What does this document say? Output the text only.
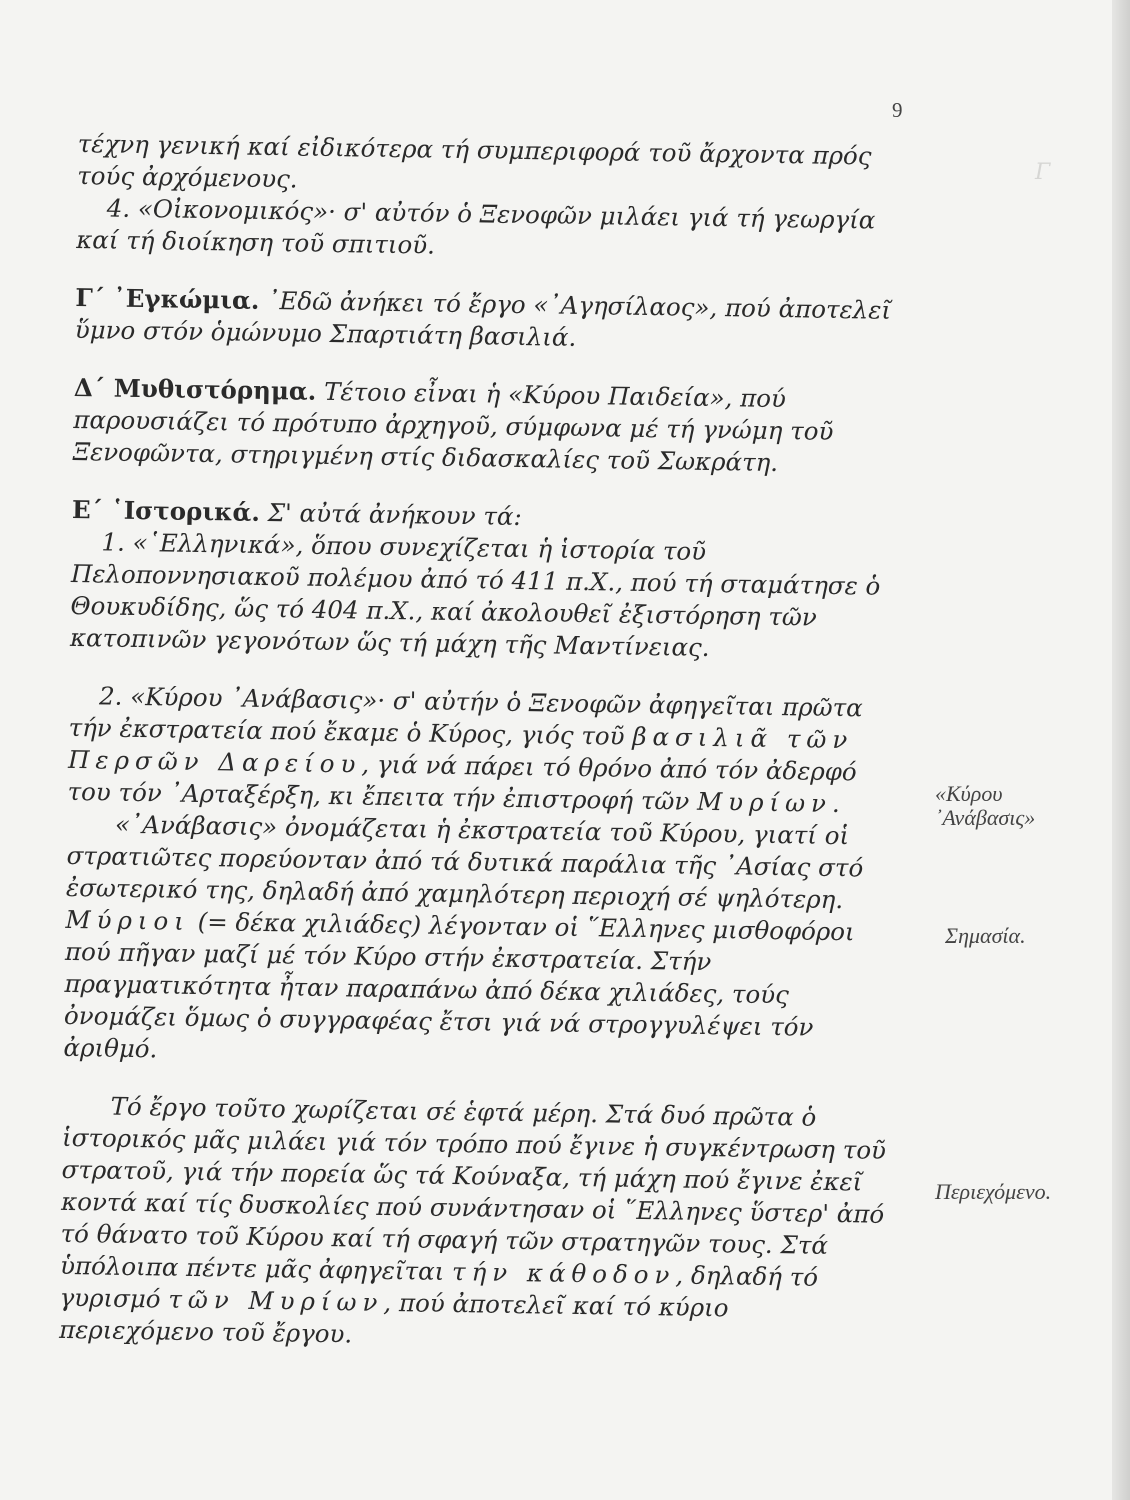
Γ
9

τέχνη γενική καί εἰδικότερα τή συμπεριφορά τοῦ ἄρχοντα πρός τούς ἀρχόμενους.

4. «Οἰκονομικός»· σ' αὐτόν ὁ Ξενοφῶν μιλάει γιά τή γεωργία καί τή διοίκηση τοῦ σπιτιοῦ.

Γ΄ ᾿Εγκώμια. ᾿Εδῶ ἀνήκει τό ἔργο «᾿Αγησίλαος», πού ἀποτελεῖ ὕμνο στόν ὁμώνυμο Σπαρτιάτη βασιλιά.

Δ΄ Μυθιστόρημα. Τέτοιο εἶναι ἡ «Κύρου Παιδεία», πού παρουσιάζει τό πρότυπο ἀρχηγοῦ, σύμφωνα μέ τή γνώμη τοῦ Ξενοφῶντα, στηριγμένη στίς διδασκαλίες τοῦ Σωκράτη.

Ε΄ ῾Ιστορικά. Σ' αὐτά ἀνήκουν τά:

1. «῾Ελληνικά», ὅπου συνεχίζεται ἡ ἱστορία τοῦ Πελοποννησιακοῦ πολέμου ἀπό τό 411 π.Χ., πού τή σταμάτησε ὁ Θουκυδίδης, ὥς τό 404 π.Χ., καί ἀκολουθεῖ ἐξιστόρηση τῶν κατοπινῶν γεγονότων ὥς τή μάχη τῆς Μαντίνειας.

2. «Κύρου ᾿Ανάβασις»· σ' αὐτήν ὁ Ξενοφῶν ἀφηγεῖται πρῶτα τήν ἐκστρατεία πού ἔκαμε ὁ Κύρος, γιός τοῦ βασιλιᾶ τῶν Περσῶν Δαρείου, γιά νά πάρει τό θρόνο ἀπό τόν ἀδερφό του τόν ᾿Αρταξέρξη, κι ἔπειτα τήν ἐπιστροφή τῶν Μυρίων.

«᾿Ανάβασις» ὀνομάζεται ἡ ἐκστρατεία τοῦ Κύρου, γιατί οἱ στρατιῶτες πορεύονταν ἀπό τά δυτικά παράλια τῆς ᾿Ασίας στό ἐσωτερικό της, δηλαδή ἀπό χαμηλότερη περιοχή σέ ψηλότερη. Μύριοι (= δέκα χιλιάδες) λέγονταν οἱ ῞Ελληνες μισθοφόροι πού πῆγαν μαζί μέ τόν Κύρο στήν ἐκστρατεία. Στήν πραγματικότητα ἦταν παραπάνω ἀπό δέκα χιλιάδες, τούς ὀνομάζει ὅμως ὁ συγγραφέας ἔτσι γιά νά στρογγυλέψει τόν ἀριθμό.

Τό ἔργο τοῦτο χωρίζεται σέ ἑφτά μέρη. Στά δυό πρῶτα ὁ ἱστορικός μᾶς μιλάει γιά τόν τρόπο πού ἔγινε ἡ συγκέντρωση τοῦ στρατοῦ, γιά τήν πορεία ὥς τά Κούναξα, τή μάχη πού ἔγινε ἐκεῖ κοντά καί τίς δυσκολίες πού συνάντησαν οἱ ῞Ελληνες ὕστερ' ἀπό τό θάνατο τοῦ Κύρου καί τή σφαγή τῶν στρατηγῶν τους. Στά ὑπόλοιπα πέντε μᾶς ἀφηγεῖται τήν κάθοδον, δηλαδή τό γυρισμό τῶν Μυρίων, πού ἀποτελεῖ καί τό κύριο περιεχόμενο τοῦ ἔργου.

«Κύρου ᾿Ανάβασις»
Σημασία.
Περιεχόμενο.
